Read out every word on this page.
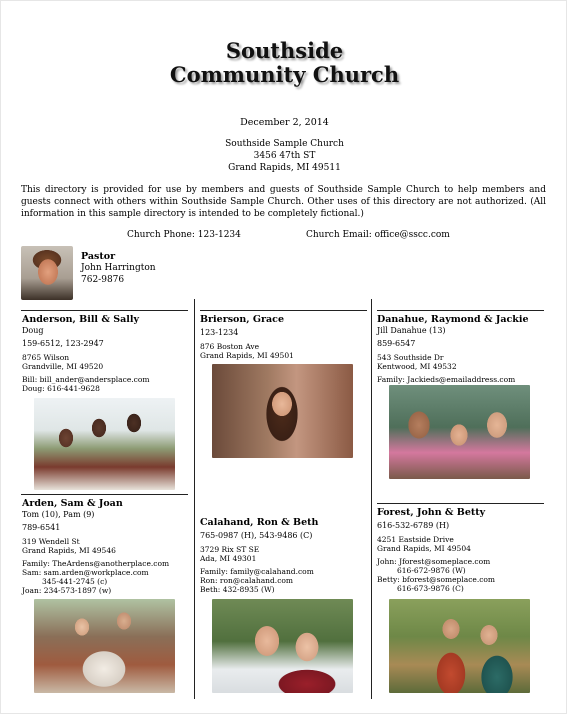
Southside
Community Church
December 2, 2014
Southside Sample Church
3456 47th ST
Grand Rapids, MI 49511
This directory is provided for use by members and guests of Southside Sample Church to help members and guests connect with others within Southside Sample Church. Other uses of this directory are not authorized. (All information in this sample directory is intended to be completely fictional.)
Church Phone: 123-1234	Church Email: office@sscc.com
Pastor
John Harrington
762-9876
Anderson, Bill & Sally
Doug
159-6512, 123-2947
8765 Wilson
Grandville, MI 49520
Bill: bill_ander@andersplace.com
Doug: 616-441-9628
Brierson, Grace
123-1234
876 Boston Ave
Grand Rapids, MI 49501
Danahue, Raymond & Jackie
Jill Danahue (13)
859-6547
543 Southside Dr
Kentwood, MI 49532
Family: Jackieds@emailaddress.com
Arden, Sam & Joan
Tom (10), Pam (9)
789-6541
319 Wendell St
Grand Rapids, MI 49546
Family: TheArdens@anotherplace.com
Sam: sam.arden@workplace.com
345-441-2745 (c)
Joan: 234-573-1897 (w)
Calahand, Ron & Beth
765-0987 (H), 543-9486 (C)
3729 Rix ST SE
Ada, MI 49301
Family: family@calahand.com
Ron: ron@calahand.com
Beth: 432-8935 (W)
Forest, John & Betty
616-532-6789 (H)
4251 Eastside Drive
Grand Rapids, MI 49504
John: Jforest@someplace.com
616-672-9876 (W)
Betty: bforest@someplace.com
616-673-9876 (C)
